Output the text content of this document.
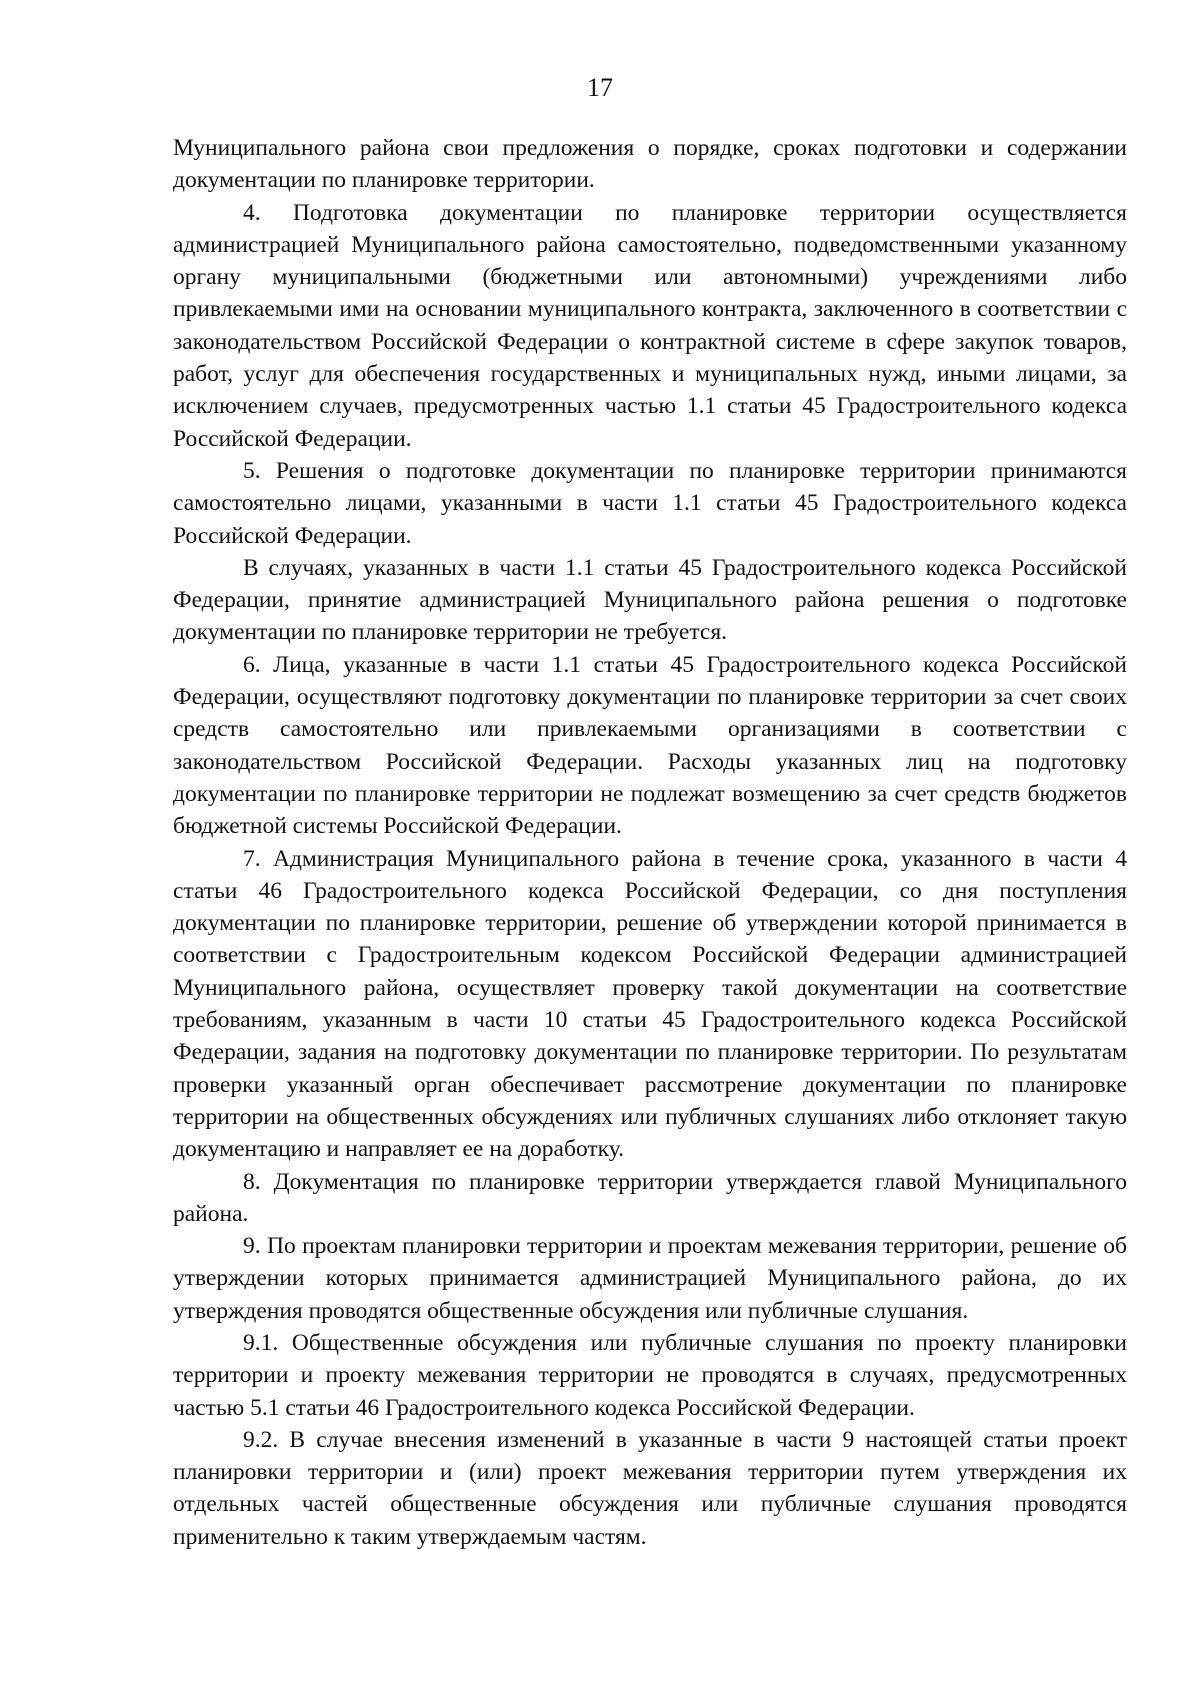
17

Муниципального района свои предложения о порядке, сроках подготовки и содержании документации по планировке территории.

4. Подготовка документации по планировке территории осуществляется администрацией Муниципального района самостоятельно, подведомственными указанному органу муниципальными (бюджетными или автономными) учреждениями либо привлекаемыми ими на основании муниципального контракта, заключенного в соответствии с законодательством Российской Федерации о контрактной системе в сфере закупок товаров, работ, услуг для обеспечения государственных и муниципальных нужд, иными лицами, за исключением случаев, предусмотренных частью 1.1 статьи 45 Градостроительного кодекса Российской Федерации.

5. Решения о подготовке документации по планировке территории принимаются самостоятельно лицами, указанными в части 1.1 статьи 45 Градостроительного кодекса Российской Федерации.

В случаях, указанных в части 1.1 статьи 45 Градостроительного кодекса Российской Федерации, принятие администрацией Муниципального района решения о подготовке документации по планировке территории не требуется.

6. Лица, указанные в части 1.1 статьи 45 Градостроительного кодекса Российской Федерации, осуществляют подготовку документации по планировке территории за счет своих средств самостоятельно или привлекаемыми организациями в соответствии с законодательством Российской Федерации. Расходы указанных лиц на подготовку документации по планировке территории не подлежат возмещению за счет средств бюджетов бюджетной системы Российской Федерации.

7. Администрация Муниципального района в течение срока, указанного в части 4 статьи 46 Градостроительного кодекса Российской Федерации, со дня поступления документации по планировке территории, решение об утверждении которой принимается в соответствии с Градостроительным кодексом Российской Федерации администрацией Муниципального района, осуществляет проверку такой документации на соответствие требованиям, указанным в части 10 статьи 45 Градостроительного кодекса Российской Федерации, задания на подготовку документации по планировке территории. По результатам проверки указанный орган обеспечивает рассмотрение документации по планировке территории на общественных обсуждениях или публичных слушаниях либо отклоняет такую документацию и направляет ее на доработку.

8. Документация по планировке территории утверждается главой Муниципального района.

9. По проектам планировки территории и проектам межевания территории, решение об утверждении которых принимается администрацией Муниципального района, до их утверждения проводятся общественные обсуждения или публичные слушания.

9.1. Общественные обсуждения или публичные слушания по проекту планировки территории и проекту межевания территории не проводятся в случаях, предусмотренных частью 5.1 статьи 46 Градостроительного кодекса Российской Федерации.

9.2. В случае внесения изменений в указанные в части 9 настоящей статьи проект планировки территории и (или) проект межевания территории путем утверждения их отдельных частей общественные обсуждения или публичные слушания проводятся применительно к таким утверждаемым частям.
